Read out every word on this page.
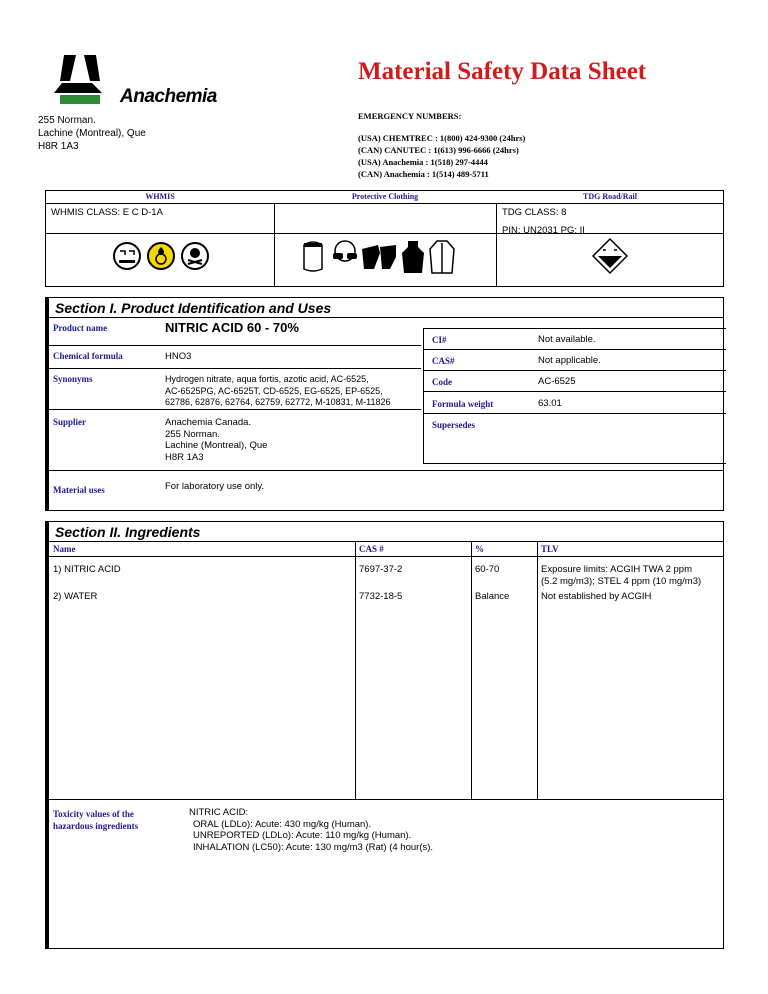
Anachemia
255 Norman.
Lachine (Montreal), Que
H8R 1A3
Material Safety Data Sheet
EMERGENCY NUMBERS:
(USA) CHEMTREC : 1(800) 424-9300 (24hrs)
(CAN) CANUTEC : 1(613) 996-6666 (24hrs)
(USA) Anachemia : 1(518) 297-4444
(CAN) Anachemia : 1(514) 489-5711
WHMIS	Protective Clothing	TDG Road/Rail
WHMIS CLASS: E C D-1A	TDG CLASS: 8
PIN: UN2031 PG: II
Section I. Product Identification and Uses
Product name	NITRIC ACID 60 - 70%
Chemical formula	HNO3
Synonyms	Hydrogen nitrate, aqua fortis, azotic acid, AC-6525,
AC-6525PG, AC-6525T, CD-6525, EG-6525, EP-6525,
62786, 62876, 62764, 62759, 62772, M-10831, M-11826
Supplier	Anachemia Canada.
255 Norman.
Lachine (Montreal), Que
H8R 1A3
Material uses	For laboratory use only.
CI#	Not available.
CAS#	Not applicable.
Code	AC-6525
Formula weight	63.01
Supersedes
Section II. Ingredients
Name	CAS #	%	TLV
1) NITRIC ACID	7697-37-2	60-70	Exposure limits: ACGIH TWA 2 ppm
(5.2 mg/m3); STEL 4 ppm (10 mg/m3)
2) WATER	7732-18-5	Balance	Not established by ACGIH
Toxicity values of the
hazardous ingredients
NITRIC ACID:
ORAL (LDLo): Acute: 430 mg/kg (Human).
UNREPORTED (LDLo): Acute: 110 mg/kg (Human).
INHALATION (LC50): Acute: 130 mg/m3 (Rat) (4 hour(s).
